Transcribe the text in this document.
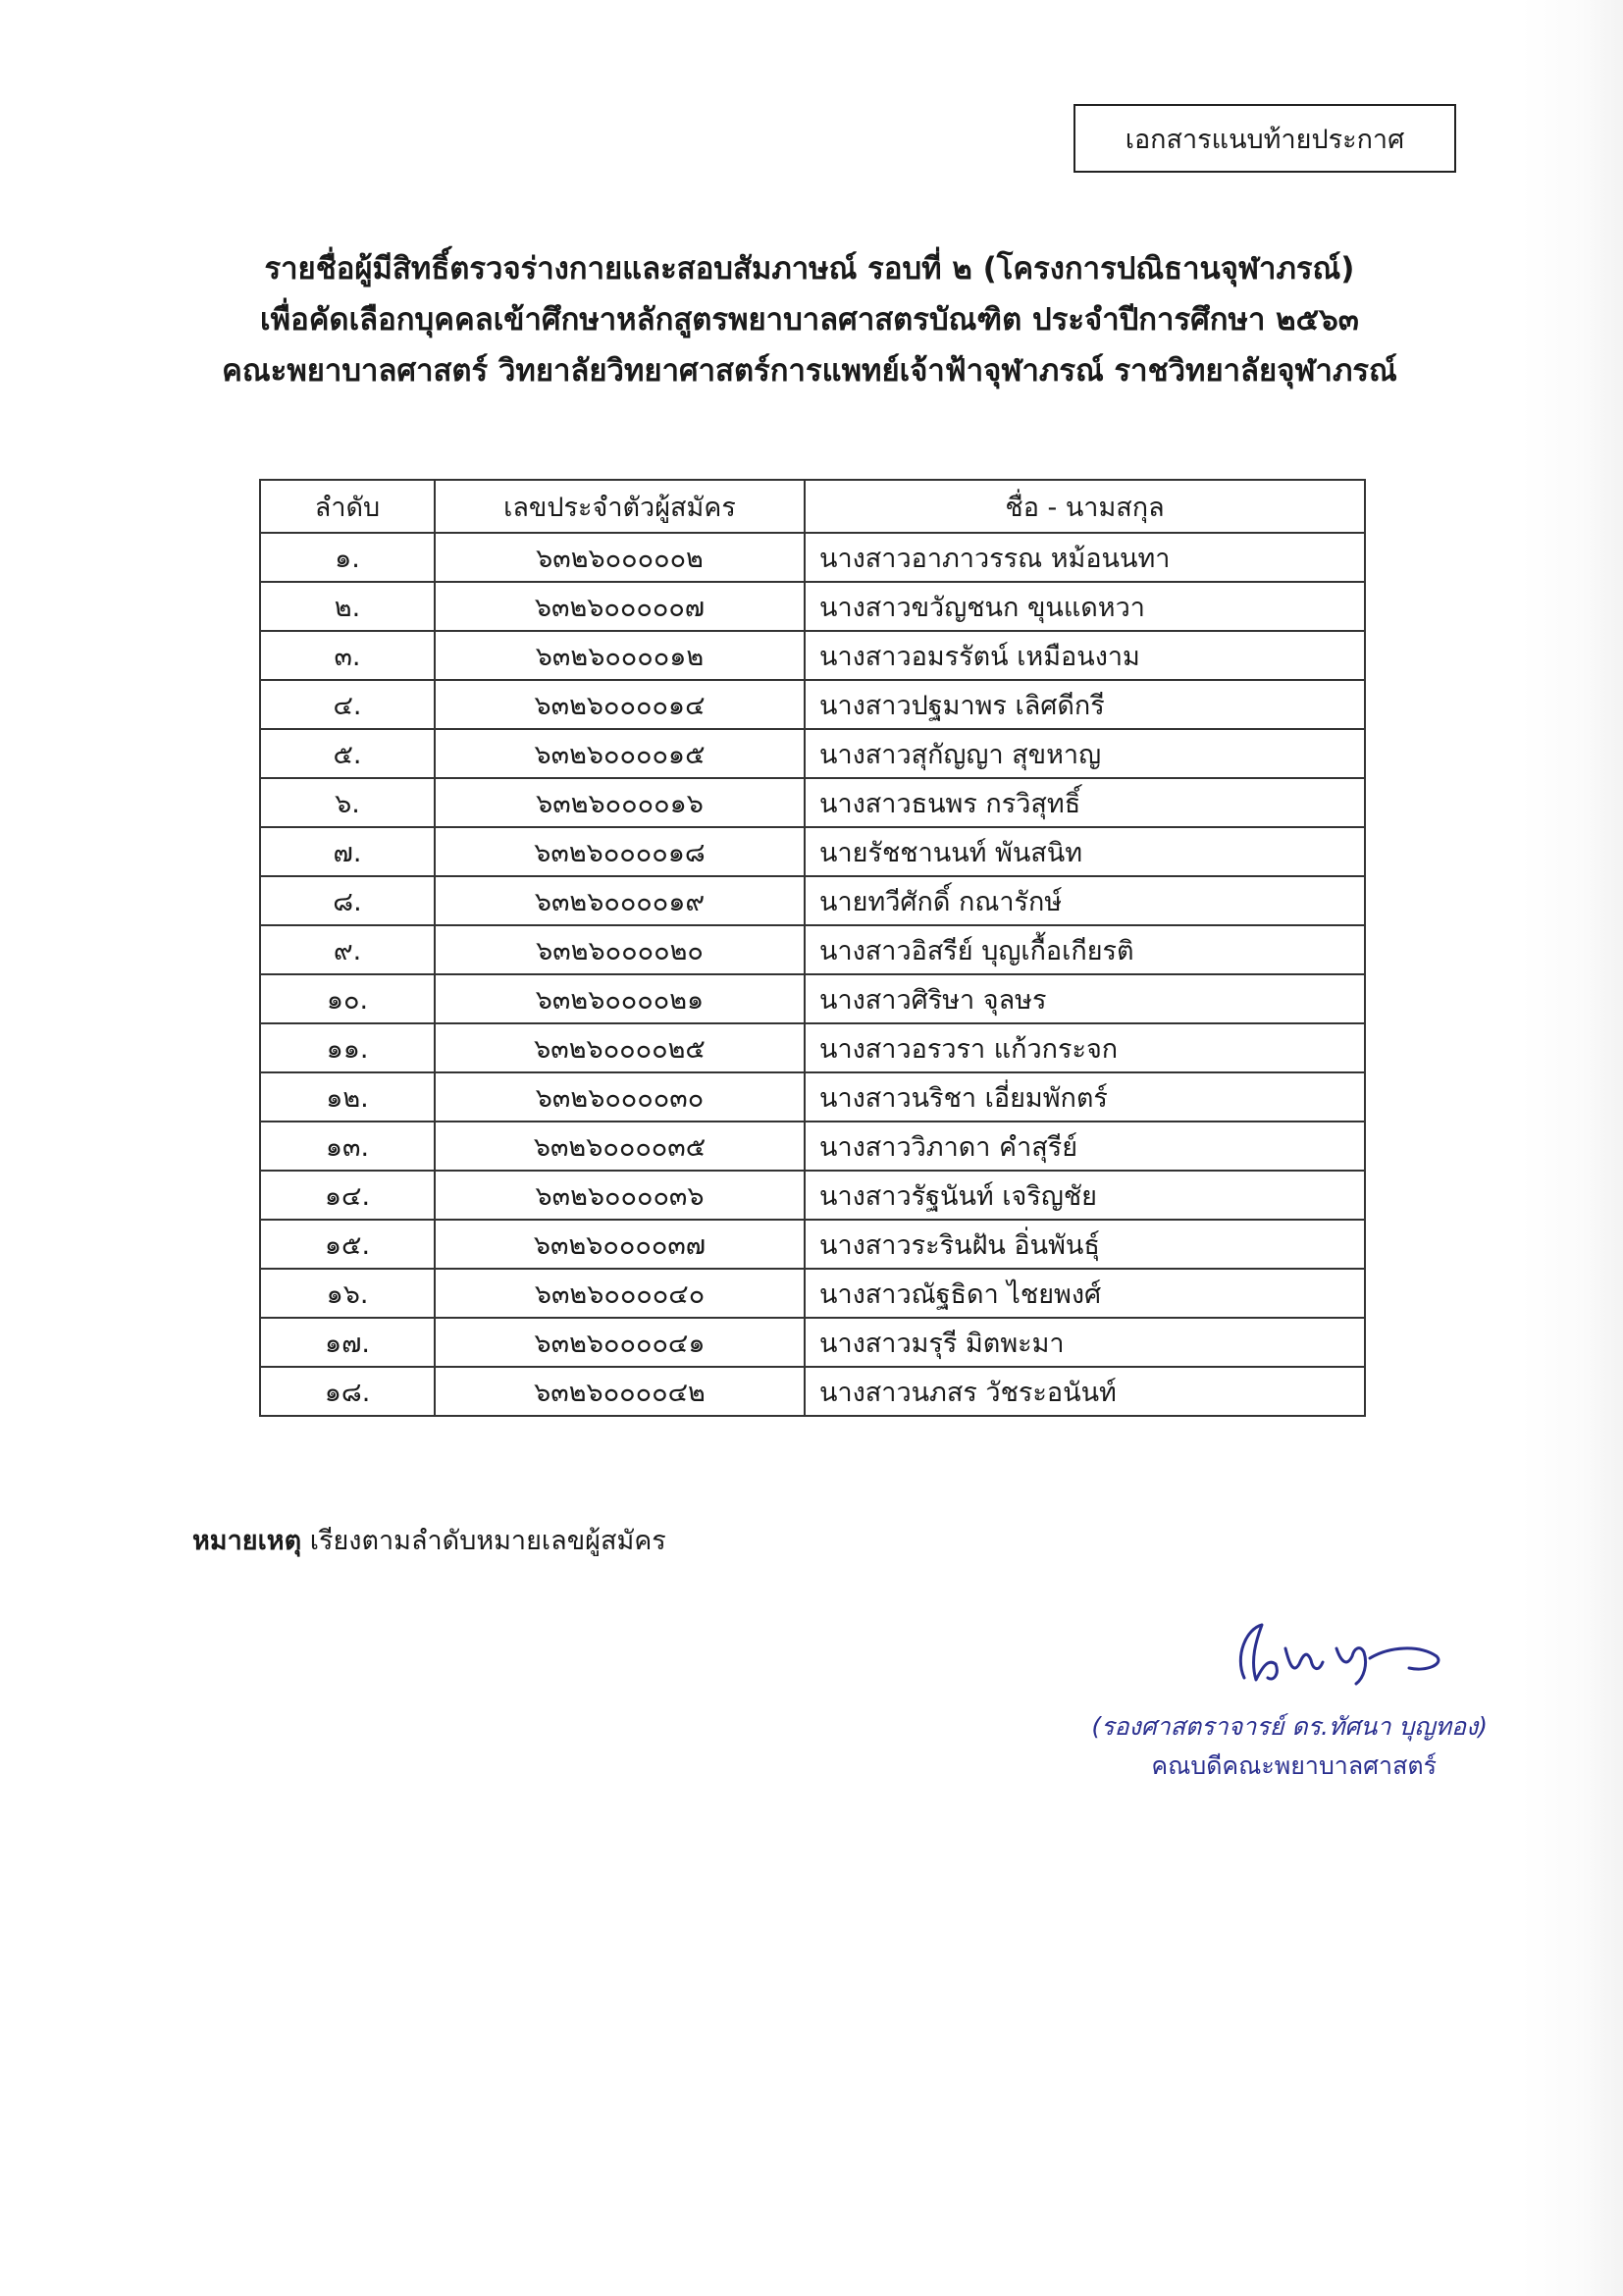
เอกสารแนบท้ายประกาศ
รายชื่อผู้มีสิทธิ์ตรวจร่างกายและสอบสัมภาษณ์ รอบที่ ๒ (โครงการปณิธานจุฬาภรณ์)
เพื่อคัดเลือกบุคคลเข้าศึกษาหลักสูตรพยาบาลศาสตรบัณฑิต ประจำปีการศึกษา ๒๕๖๓
คณะพยาบาลศาสตร์ วิทยาลัยวิทยาศาสตร์การแพทย์เจ้าฟ้าจุฬาภรณ์ ราชวิทยาลัยจุฬาภรณ์
ลำดับ	เลขประจำตัวผู้สมัคร	ชื่อ - นามสกุล
๑.	๖๓๒๖๐๐๐๐๐๒	นางสาวอาภาวรรณ หม้อนนทา
๒.	๖๓๒๖๐๐๐๐๐๗	นางสาวขวัญชนก ขุนแดหวา
๓.	๖๓๒๖๐๐๐๐๑๒	นางสาวอมรรัตน์ เหมือนงาม
๔.	๖๓๒๖๐๐๐๐๑๔	นางสาวปฐมาพร เลิศดีกรี
๕.	๖๓๒๖๐๐๐๐๑๕	นางสาวสุกัญญา สุขหาญ
๖.	๖๓๒๖๐๐๐๐๑๖	นางสาวธนพร กรวิสุทธิ์
๗.	๖๓๒๖๐๐๐๐๑๘	นายรัชชานนท์ พันสนิท
๘.	๖๓๒๖๐๐๐๐๑๙	นายทวีศักดิ์ กณารักษ์
๙.	๖๓๒๖๐๐๐๐๒๐	นางสาวอิสรีย์ บุญเกื้อเกียรติ
๑๐.	๖๓๒๖๐๐๐๐๒๑	นางสาวศิริษา จุลษร
๑๑.	๖๓๒๖๐๐๐๐๒๕	นางสาวอรวรา แก้วกระจก
๑๒.	๖๓๒๖๐๐๐๐๓๐	นางสาวนริชา เอี่ยมพักตร์
๑๓.	๖๓๒๖๐๐๐๐๓๕	นางสาววิภาดา คำสุรีย์
๑๔.	๖๓๒๖๐๐๐๐๓๖	นางสาวรัฐนันท์ เจริญชัย
๑๕.	๖๓๒๖๐๐๐๐๓๗	นางสาวระรินฝัน อิ่นพันธุ์
๑๖.	๖๓๒๖๐๐๐๐๔๐	นางสาวณัฐธิดา ไชยพงศ์
๑๗.	๖๓๒๖๐๐๐๐๔๑	นางสาวมรุรี มิตพะมา
๑๘.	๖๓๒๖๐๐๐๐๔๒	นางสาวนภสร วัชระอนันท์
หมายเหตุ เรียงตามลำดับหมายเลขผู้สมัคร
(รองศาสตราจารย์ ดร.ทัศนา บุญทอง)
คณบดีคณะพยาบาลศาสตร์
